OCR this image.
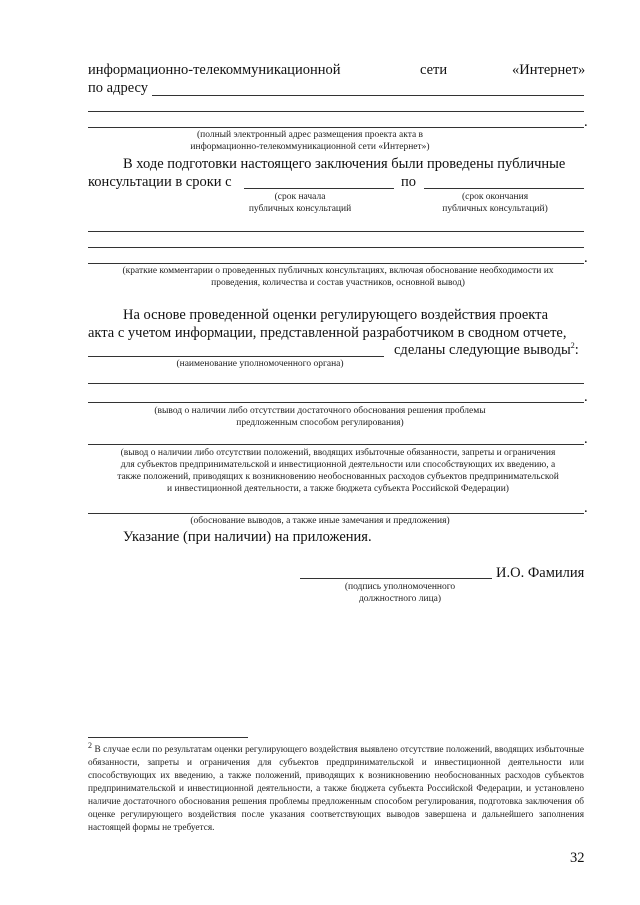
информационно-телекоммуникационной	сети	«Интернет»
по адресу
.
(полный электронный адрес размещения проекта акта в
информационно-телекоммуникационной сети «Интернет»)
В ходе подготовки настоящего заключения были проведены публичные
консультации в сроки с	по
(срок начала
публичных консультаций
(срок окончания
публичных консультаций)
.
(краткие комментарии о проведенных публичных консультациях, включая обоснование необходимости их
проведения, количества и состав участников, основной вывод)
На основе проведенной оценки регулирующего воздействия проекта
акта с учетом информации, представленной разработчиком в сводном отчете,
сделаны следующие выводы$^2$:
(наименование уполномоченного органа)
.
(вывод о наличии либо отсутствии достаточного обоснования решения проблемы
предложенным способом регулирования)
.
(вывод о наличии либо отсутствии положений, вводящих избыточные обязанности, запреты и ограничения
для субъектов предпринимательской и инвестиционной деятельности или способствующих их введению, а
также положений, приводящих к возникновению необоснованных расходов субъектов предпринимательской
и инвестиционной деятельности, а также бюджета субъекта Российской Федерации)
.
(обоснование выводов, а также иные замечания и предложения)
Указание (при наличии) на приложения.
И.О. Фамилия
(подпись уполномоченного
должностного лица)
2 В случае если по результатам оценки регулирующего воздействия выявлено отсутствие положений, вводящих избыточные обязанности, запреты и ограничения для субъектов предпринимательской и инвестиционной деятельности или способствующих их введению, а также положений, приводящих к возникновению необоснованных расходов субъектов предпринимательской и инвестиционной деятельности, а также бюджета субъекта Российской Федерации, и установлено наличие достаточного обоснования решения проблемы предложенным способом регулирования, подготовка заключения об оценке регулирующего воздействия после указания соответствующих выводов завершена и дальнейшего заполнения настоящей формы не требуется.
32
